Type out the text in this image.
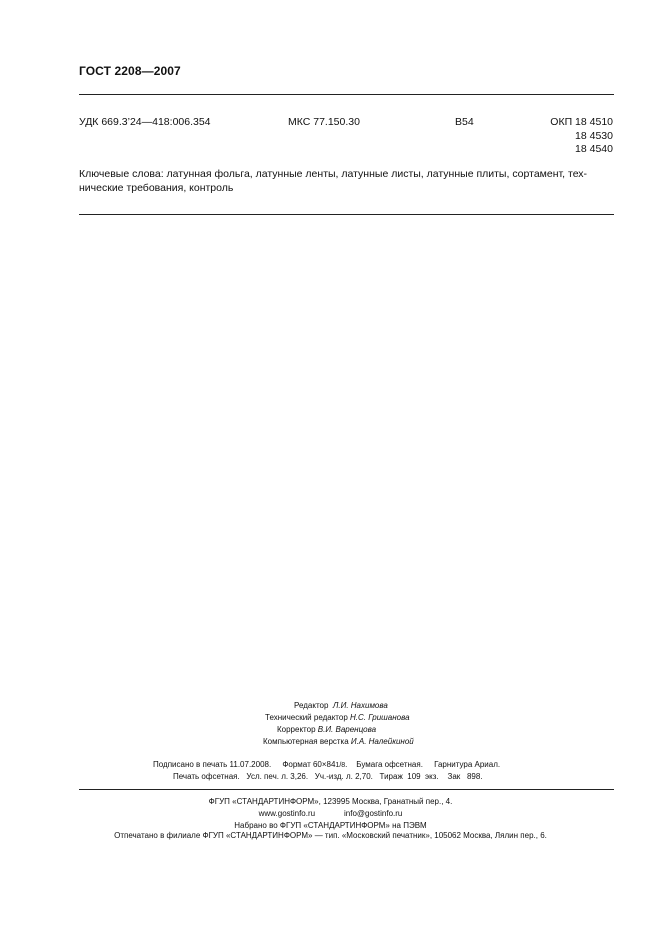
ГОСТ 2208—2007
УДК 669.3’24—418:006.354	МКС 77.150.30	В54	ОКП 18 4510
18 4530
18 4540
Ключевые слова: латунная фольга, латунные ленты, латунные листы, латунные плиты, сортамент, тех-
нические требования, контроль
Редактор Л.И. Нахимова
Технический редактор Н.С. Гришанова
Корректор В.И. Варенцова
Компьютерная верстка И.А. Налейкиной
Подписано в печать 11.07.2008. Формат 60×841/8.    Бумага офсетная. Гарнитура Ариал.
Печать офсетная.   Усл. печ. л. 3,26.   Уч.-изд. л. 2,70.   Тираж  109  экз.    Зак   898.
ФГУП «СТАНДАРТИНФОРМ», 123995 Москва, Гранатный пер., 4.
www.gostinfo.ru	info@gostinfo.ru
Набрано во ФГУП «СТАНДАРТИНФОРМ» на ПЭВМ
Отпечатано в филиале ФГУП «СТАНДАРТИНФОРМ» — тип. «Московский печатник», 105062 Москва, Лялин пер., 6.
